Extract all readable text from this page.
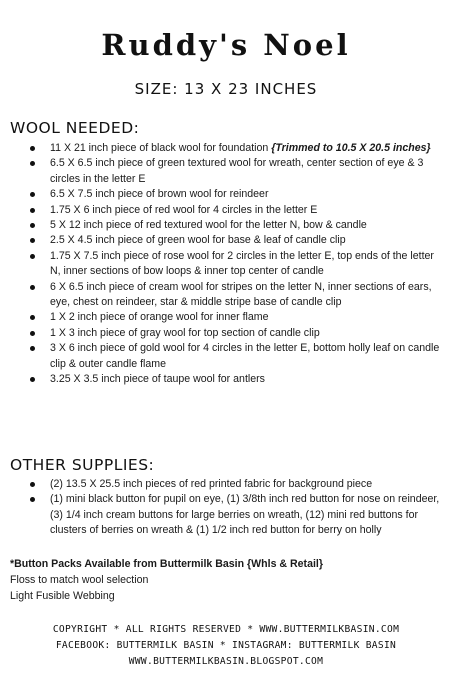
Ruddy's Noel
SIZE: 13 X 23 INCHES
WOOL NEEDED:
11 X 21 inch piece of black wool for foundation {Trimmed to 10.5 X 20.5 inches}
6.5 X 6.5 inch piece of green textured wool for wreath, center section of eye & 3 circles in the letter E
6.5 X 7.5 inch piece of brown wool for reindeer
1.75 X 6 inch piece of red wool for 4 circles in the letter E
5 X 12 inch piece of red textured wool for the letter N, bow & candle
2.5 X 4.5 inch piece of green wool for base & leaf of candle clip
1.75 X 7.5 inch piece of rose wool for 2 circles in the letter E, top ends of the letter N, inner sections of bow loops & inner top center of candle
6 X 6.5 inch piece of cream wool for stripes on the letter N, inner sections of ears, eye, chest on reindeer, star & middle stripe base of candle clip
1 X 2 inch piece of orange wool for inner flame
1 X 3 inch piece of gray wool for top section of candle clip
3 X 6 inch piece of gold wool for 4 circles in the letter E, bottom holly leaf on candle clip & outer candle flame
3.25 X 3.5 inch piece of taupe wool for antlers
OTHER SUPPLIES:
(2) 13.5 X 25.5 inch pieces of red printed fabric for background piece
(1) mini black button for pupil on eye, (1) 3/8th inch red button for nose on reindeer, (3) 1/4 inch cream buttons for large berries on wreath, (12) mini red buttons for clusters of berries on wreath & (1) 1/2 inch red button for berry on holly
*Button Packs Available from Buttermilk Basin {Whls & Retail}
Floss to match wool selection
Light Fusible Webbing
COPYRIGHT * ALL RIGHTS RESERVED * WWW.BUTTERMILKBASIN.COM
FACEBOOK: BUTTERMILK BASIN * INSTAGRAM: BUTTERMILK BASIN
WWW.BUTTERMILKBASIN.BLOGSPOT.COM
